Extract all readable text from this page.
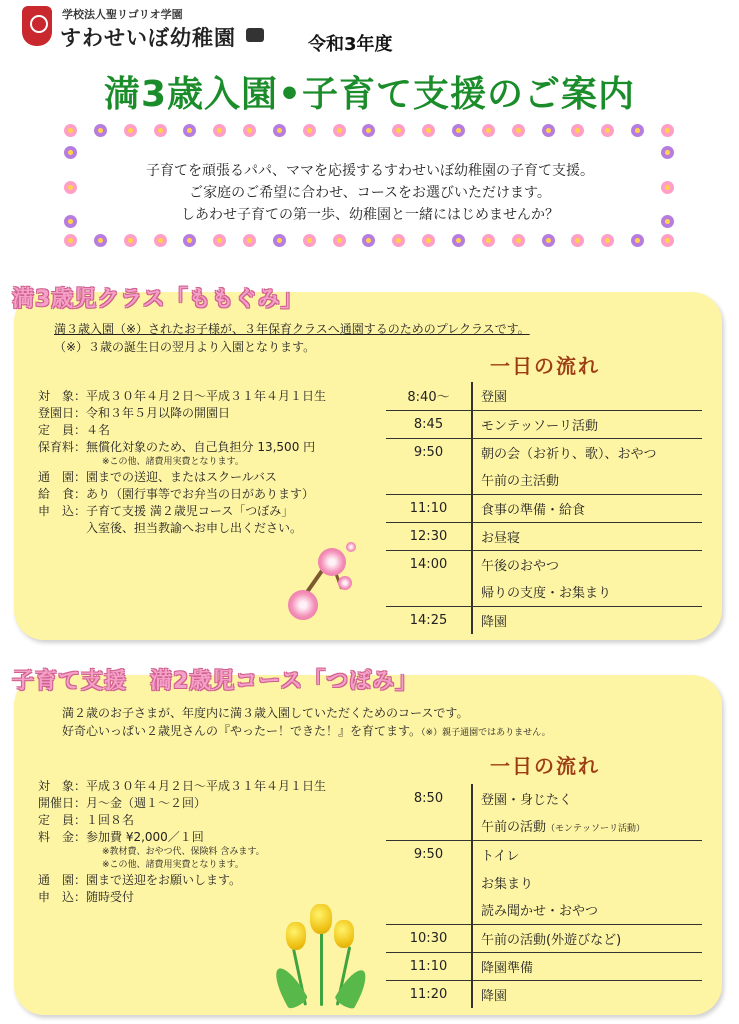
学校法人聖リゴリオ学園
すわせいぼ幼稚園	令和3年度
満3歳入園•子育て支援のご案内
子育てを頑張るパパ、ママを応援するすわせいぼ幼稚園の子育て支援。
ご家庭のご希望に合わせ、コースをお選びいただけます。
しあわせ子育ての第一歩、幼稚園と一緒にはじめませんか？
満3歳児クラス「ももぐみ」
満３歳入園（※）されたお子様が、３年保育クラスへ通園するのためのプレクラスです。
（※）３歳の誕生日の翌月より入園となります。
一日の流れ
対　象：平成３０年４月２日～平成３１年４月１日生
登園日：令和３年５月以降の開園日
定　員：４名
保育料：無償化対象のため、自己負担分 13,500 円
※この他、諸費用実費となります。
通　園：園までの送迎、またはスクールバス
給　食：あり（園行事等でお弁当の日があります）
申　込：子育て支援 満２歳児コース「つぼみ」
　　　　入室後、担当教諭へお申し出ください。
8:40～	登園
8:45	モンテッソーリ活動
9:50	朝の会（お祈り、歌）、おやつ
	午前の主活動
11:10	食事の準備・給食
12:30	お昼寝
14:00	午後のおやつ
	帰りの支度・お集まり
14:25	降園
子育て支援　満2歳児コース「つぼみ」
満２歳のお子さまが、年度内に満３歳入園していただくためのコースです。
好奇心いっぱい２歳児さんの『やったー！できた！』を育てます。（※）親子通園ではありません。
一日の流れ
対　象：平成３０年４月２日～平成３１年４月１日生
開催日：月～金（週１～２回）
定　員：１回８名
料　金：参加費 ¥2,000／１回
※教材費、おやつ代、保険料 含みます。
※この他、諸費用実費となります。
通　園：園まで送迎をお願いします。
申　込：随時受付
8:50	登園・身じたく
	午前の活動（モンテッソーリ活動）
9:50	トイレ
	お集まり
	読み聞かせ・おやつ
10:30	午前の活動(外遊びなど)
11:10	降園準備
11:20	降園
